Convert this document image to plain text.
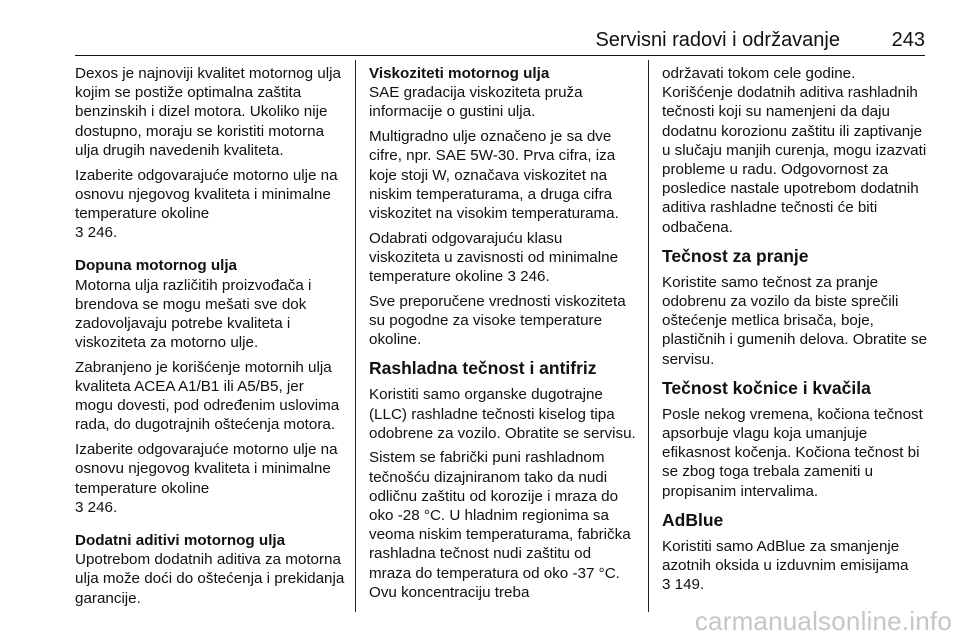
Servisni radovi i održavanje	243

Dexos je najnoviji kvalitet motornog ulja kojim se postiže optimalna zaštita benzinskih i dizel motora. Ukoliko nije dostupno, moraju se koristiti motorna ulja drugih navedenih kvaliteta.

Izaberite odgovarajuće motorno ulje na osnovu njegovog kvaliteta i minimalne temperature okoline
3 246.

Dopuna motornog ulja

Motorna ulja različitih proizvođača i brendova se mogu mešati sve dok zadovoljavaju potrebe kvaliteta i viskoziteta za motorno ulje.

Zabranjeno je korišćenje motornih ulja kvaliteta ACEA A1/B1 ili A5/B5, jer mogu dovesti, pod određenim uslovima rada, do dugotrajnih oštećenja motora.

Izaberite odgovarajuće motorno ulje na osnovu njegovog kvaliteta i minimalne temperature okoline
3 246.

Dodatni aditivi motornog ulja

Upotrebom dodatnih aditiva za motorna ulja može doći do oštećenja i prekidanja garancije.

Viskoziteti motornog ulja

SAE gradacija viskoziteta pruža informacije o gustini ulja.

Multigradno ulje označeno je sa dve cifre, npr. SAE 5W-30. Prva cifra, iza koje stoji W, označava viskozitet na niskim temperaturama, a druga cifra viskozitet na visokim temperaturama.

Odabrati odgovarajuću klasu viskoziteta u zavisnosti od minimalne temperature okoline 3 246.

Sve preporučene vrednosti viskoziteta su pogodne za visoke temperature okoline.

Rashladna tečnost i antifriz

Koristiti samo organske dugotrajne (LLC) rashladne tečnosti kiselog tipa odobrene za vozilo. Obratite se servisu.

Sistem se fabrički puni rashladnom tečnošću dizajniranom tako da nudi odličnu zaštitu od korozije i mraza do oko -28 °C. U hladnim regionima sa veoma niskim temperaturama, fabrička rashladna tečnost nudi zaštitu od mraza do temperatura od oko -37 °C. Ovu koncentraciju treba

održavati tokom cele godine. Korišćenje dodatnih aditiva rashladnih tečnosti koji su namenjeni da daju dodatnu korozionu zaštitu ili zaptivanje u slučaju manjih curenja, mogu izazvati probleme u radu. Odgovornost za posledice nastale upotrebom dodatnih aditiva rashladne tečnosti će biti odbačena.

Tečnost za pranje

Koristite samo tečnost za pranje odobrenu za vozilo da biste sprečili oštećenje metlica brisača, boje, plastičnih i gumenih delova. Obratite se servisu.

Tečnost kočnice i kvačila

Posle nekog vremena, kočiona tečnost apsorbuje vlagu koja umanjuje efikasnost kočenja. Kočiona tečnost bi se zbog toga trebala zameniti u propisanim intervalima.

AdBlue

Koristiti samo AdBlue za smanjenje azotnih oksida u izduvnim emisijama
3 149.

carmanualsonline.info
